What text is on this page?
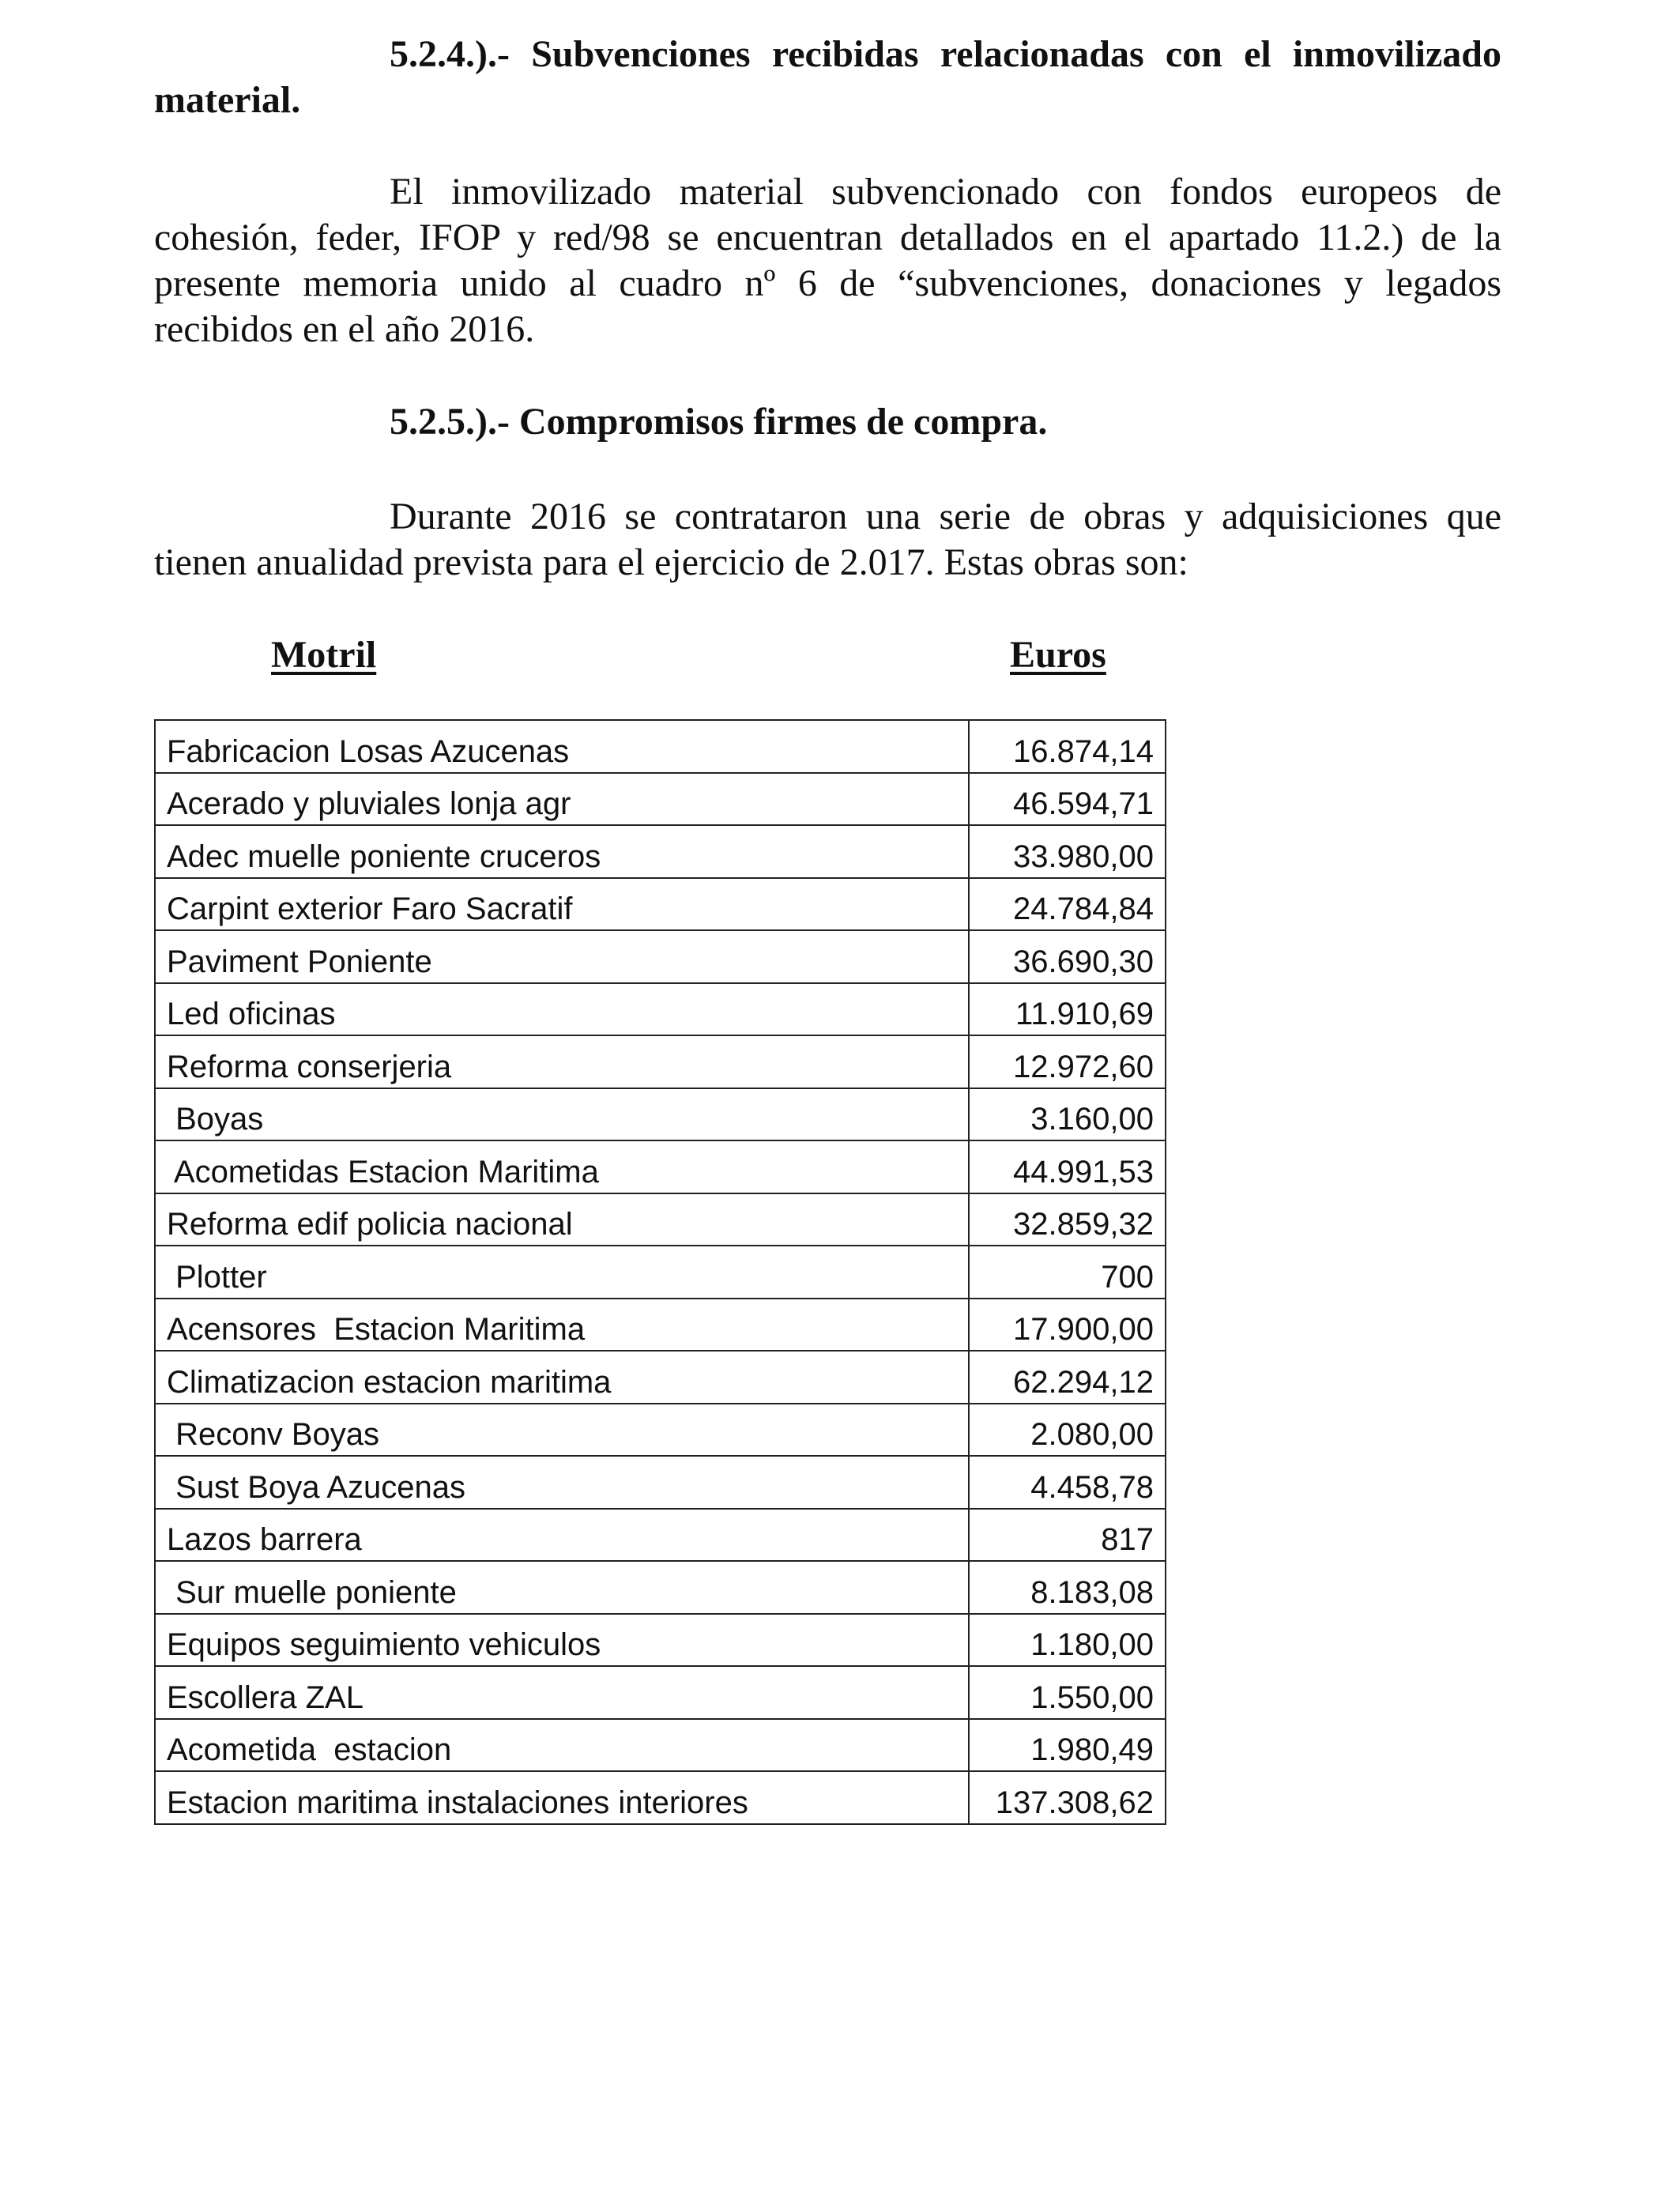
5.2.4.).- Subvenciones recibidas relacionadas con el inmovilizado
material.
El inmovilizado material subvencionado con fondos europeos de cohesión, feder, IFOP y red/98 se encuentran detallados en el apartado 11.2.) de la presente memoria unido al cuadro nº 6 de “subvenciones, donaciones y legados recibidos en el año 2016.
5.2.5.).- Compromisos firmes de compra.
Durante 2016 se contrataron una serie de obras y adquisiciones que tienen anualidad prevista para el ejercicio de 2.017. Estas obras son:
Motril	Euros
Fabricacion Losas Azucenas	16.874,14
Acerado y pluviales lonja agr	46.594,71
Adec muelle poniente cruceros	33.980,00
Carpint exterior Faro Sacratif	24.784,84
Paviment Poniente	36.690,30
Led oficinas	11.910,69
Reforma conserjeria	12.972,60
Boyas	3.160,00
Acometidas Estacion Maritima	44.991,53
Reforma edif policia nacional	32.859,32
Plotter	700
Acensores  Estacion Maritima	17.900,00
Climatizacion estacion maritima	62.294,12
Reconv Boyas	2.080,00
Sust Boya Azucenas	4.458,78
Lazos barrera	817
Sur muelle poniente	8.183,08
Equipos seguimiento vehiculos	1.180,00
Escollera ZAL	1.550,00
Acometida  estacion	1.980,49
Estacion maritima instalaciones interiores	137.308,62
